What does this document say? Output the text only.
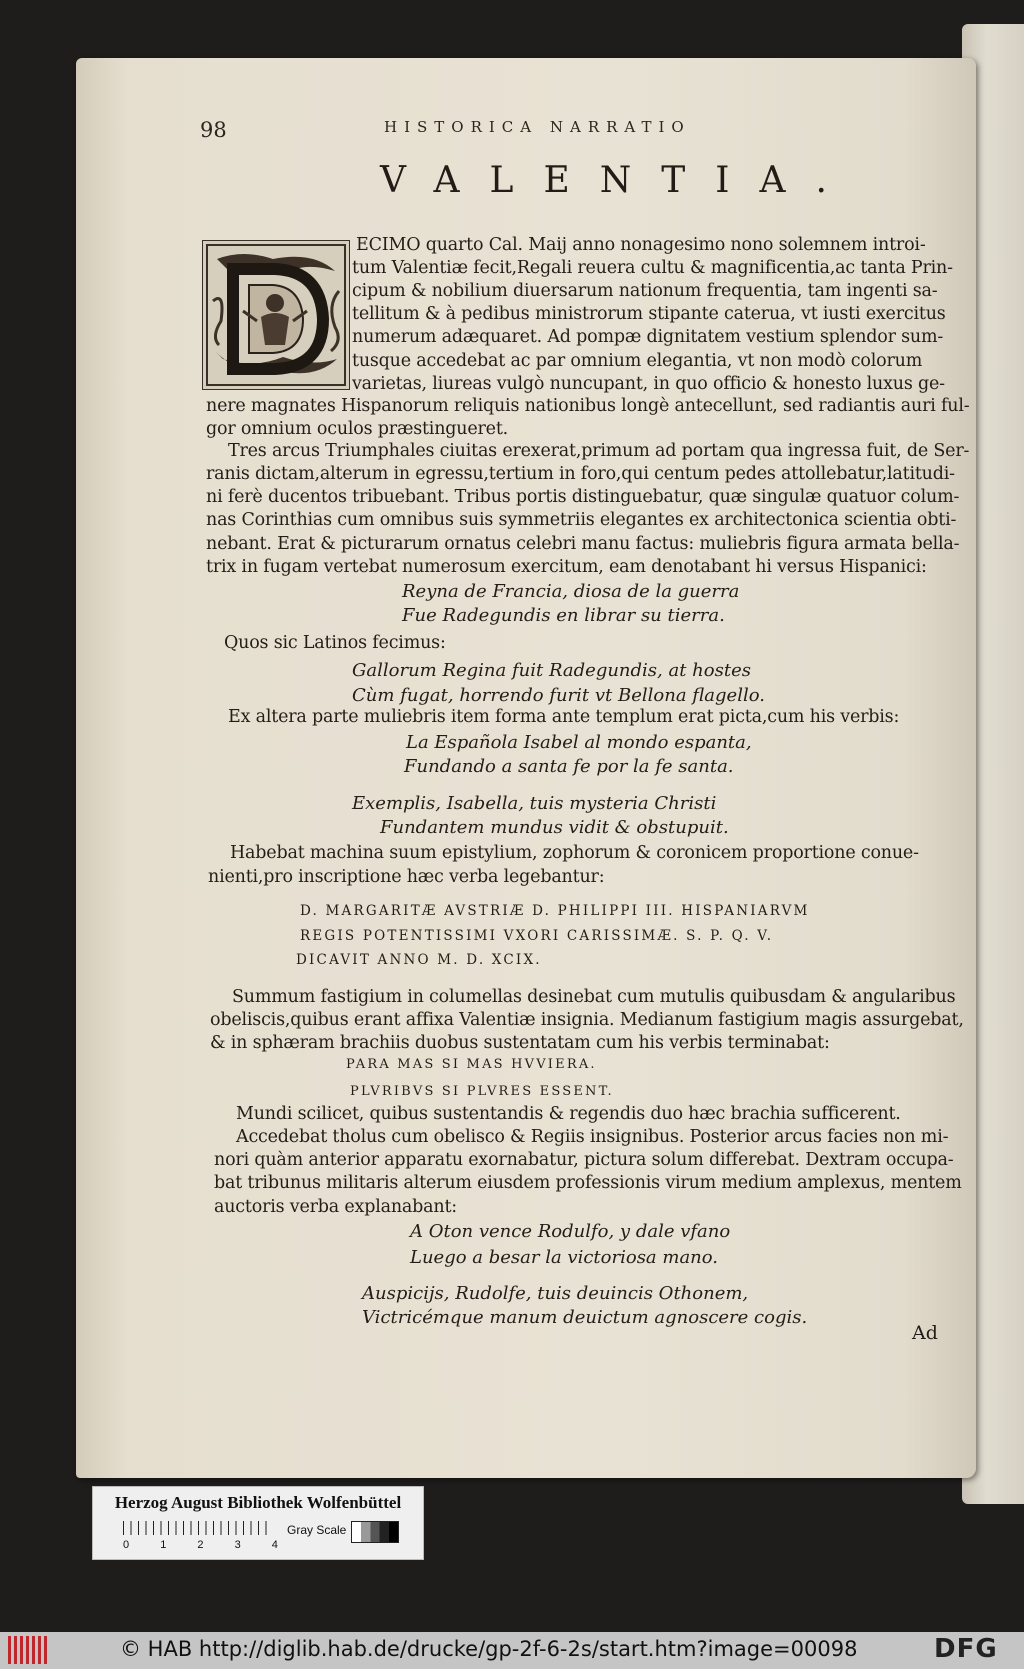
98	HISTORICA NARRATIO
VALENTIA.
ECIMO quarto Cal. Maij anno nonagesimo nono solemnem introi-
tum Valentiæ fecit,Regali reuera cultu & magnificentia,ac tanta Prin-
cipum & nobilium diuersarum nationum frequentia, tam ingenti sa-
tellitum & à pedibus ministrorum stipante caterua, vt iusti exercitus
numerum adæquaret. Ad pompæ dignitatem vestium splendor sum-
tusque accedebat ac par omnium elegantia, vt non modò colorum
varietas, liureas vulgò nuncupant, in quo officio & honesto luxus ge-
nere magnates Hispanorum reliquis nationibus longè antecellunt, sed radiantis auri ful-
gor omnium oculos præstingueret.
Tres arcus Triumphales ciuitas erexerat,primum ad portam qua ingressa fuit, de Ser-
ranis dictam,alterum in egressu,tertium in foro,qui centum pedes attollebatur,latitudi-
ni ferè ducentos tribuebant. Tribus portis distinguebatur, quæ singulæ quatuor colum-
nas Corinthias cum omnibus suis symmetriis elegantes ex architectonica scientia obti-
nebant. Erat & picturarum ornatus celebri manu factus: muliebris figura armata bella-
trix in fugam vertebat numerosum exercitum, eam denotabant hi versus Hispanici:
Reyna de Francia, diosa de la guerra
Fue Radegundis en librar su tierra.
Quos sic Latinos fecimus:
Gallorum Regina fuit Radegundis, at hostes
Cùm fugat, horrendo furit vt Bellona flagello.
Ex altera parte muliebris item forma ante templum erat picta,cum his verbis:
La Española Isabel al mondo espanta,
Fundando a santa fe por la fe santa.
Exemplis, Isabella, tuis mysteria Christi
Fundantem mundus vidit & obstupuit.
Habebat machina suum epistylium, zophorum & coronicem proportione conue-
nienti,pro inscriptione hæc verba legebantur:
D. MARGARITÆ AVSTRIÆ D. PHILIPPI III. HISPANIARVM
REGIS POTENTISSIMI VXORI CARISSIMÆ. S. P. Q. V.
DICAVIT ANNO M. D. XCIX.
Summum fastigium in columellas desinebat cum mutulis quibusdam & angularibus
obeliscis,quibus erant affixa Valentiæ insignia. Medianum fastigium magis assurgebat,
& in sphæram brachiis duobus sustentatam cum his verbis terminabat:
PARA MAS SI MAS HVVIERA.
PLVRIBVS SI PLVRES ESSENT.
Mundi scilicet, quibus sustentandis & regendis duo hæc brachia sufficerent.
Accedebat tholus cum obelisco & Regiis insignibus. Posterior arcus facies non mi-
nori quàm anterior apparatu exornabatur, pictura solum differebat. Dextram occupa-
bat tribunus militaris alterum eiusdem professionis virum medium amplexus, mentem
auctoris verba explanabant:
A Oton vence Rodulfo, y dale vfano
Luego a besar la victoriosa mano.
Auspicijs, Rudolfe, tuis deuincis Othonem,
Victricémque manum deuictum agnoscere cogis.
Ad
Herzog August Bibliothek Wolfenbüttel
0	1	2	3	4
Gray Scale
© HAB http://diglib.hab.de/drucke/gp-2f-6-2s/start.htm?image=00098	DFG
